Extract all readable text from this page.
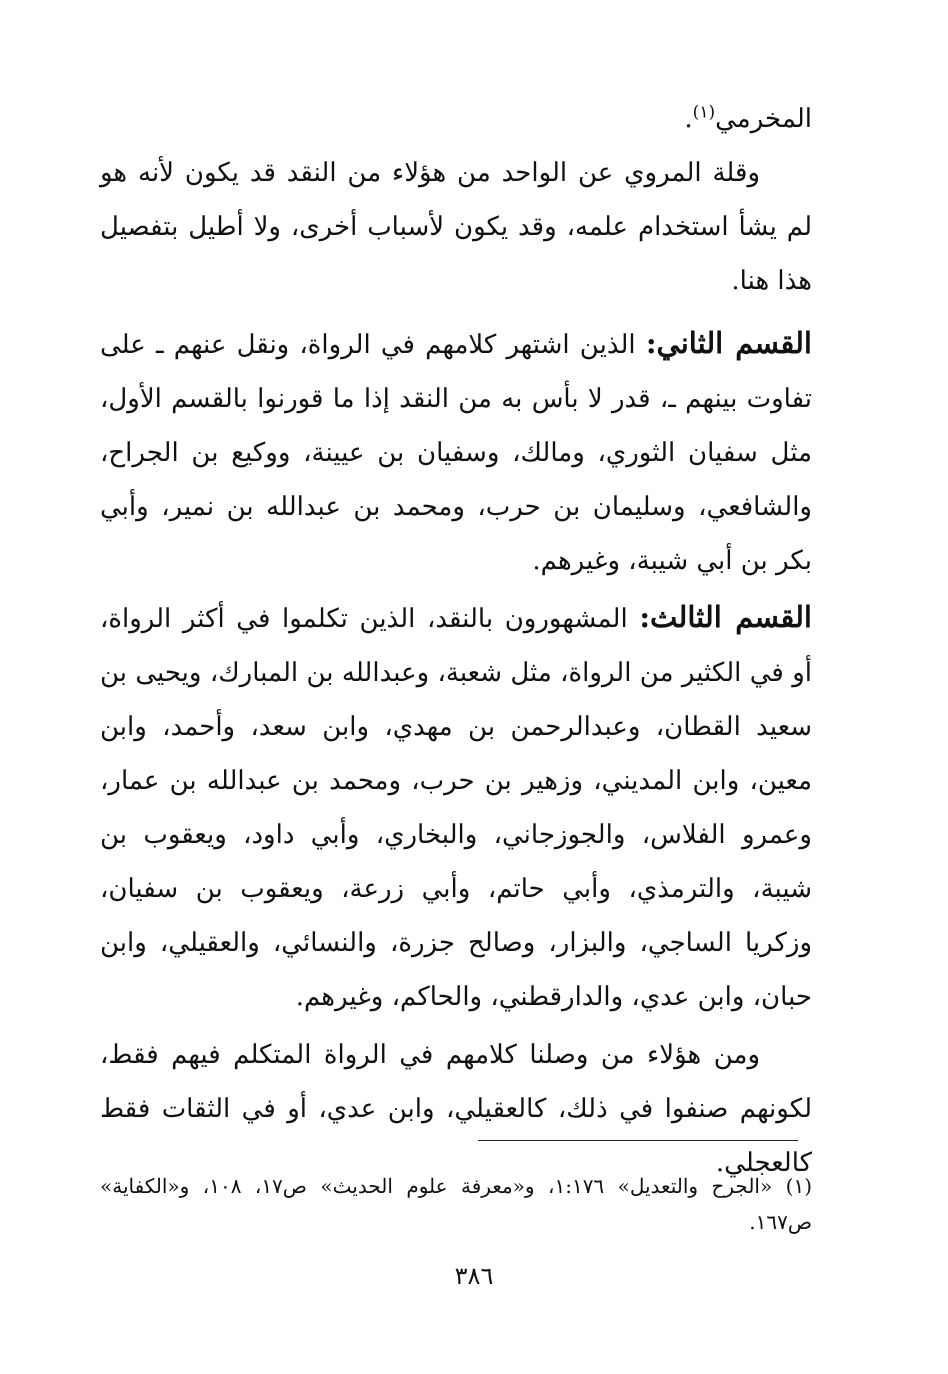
المخرمي$^{(١)}$.

وقلة المروي عن الواحد من هؤلاء من النقد قد يكون لأنه هو لم يشأ استخدام علمه، وقد يكون لأسباب أخرى، ولا أطيل بتفصيل هذا هنا.

القسم الثاني: الذين اشتهر كلامهم في الرواة، ونقل عنهم ـ على تفاوت بينهم ـ، قدر لا بأس به من النقد إذا ما قورنوا بالقسم الأول، مثل سفيان الثوري، ومالك، وسفيان بن عيينة، ووكيع بن الجراح، والشافعي، وسليمان بن حرب، ومحمد بن عبدالله بن نمير، وأبي بكر بن أبي شيبة، وغيرهم.

القسم الثالث: المشهورون بالنقد، الذين تكلموا في أكثر الرواة، أو في الكثير من الرواة، مثل شعبة، وعبدالله بن المبارك، ويحيى بن سعيد القطان، وعبدالرحمن بن مهدي، وابن سعد، وأحمد، وابن معين، وابن المديني، وزهير بن حرب، ومحمد بن عبدالله بن عمار، وعمرو الفلاس، والجوزجاني، والبخاري، وأبي داود، ويعقوب بن شيبة، والترمذي، وأبي حاتم، وأبي زرعة، ويعقوب بن سفيان، وزكريا الساجي، والبزار، وصالح جزرة، والنسائي، والعقيلي، وابن حبان، وابن عدي، والدارقطني، والحاكم، وغيرهم.

ومن هؤلاء من وصلنا كلامهم في الرواة المتكلم فيهم فقط، لكونهم صنفوا في ذلك، كالعقيلي، وابن عدي، أو في الثقات فقط كالعجلي.

(١) «الجرح والتعديل» ١:١٧٦، و«معرفة علوم الحديث» ص١٧، ١٠٨، و«الكفاية» ص١٦٧.
٣٨٦
